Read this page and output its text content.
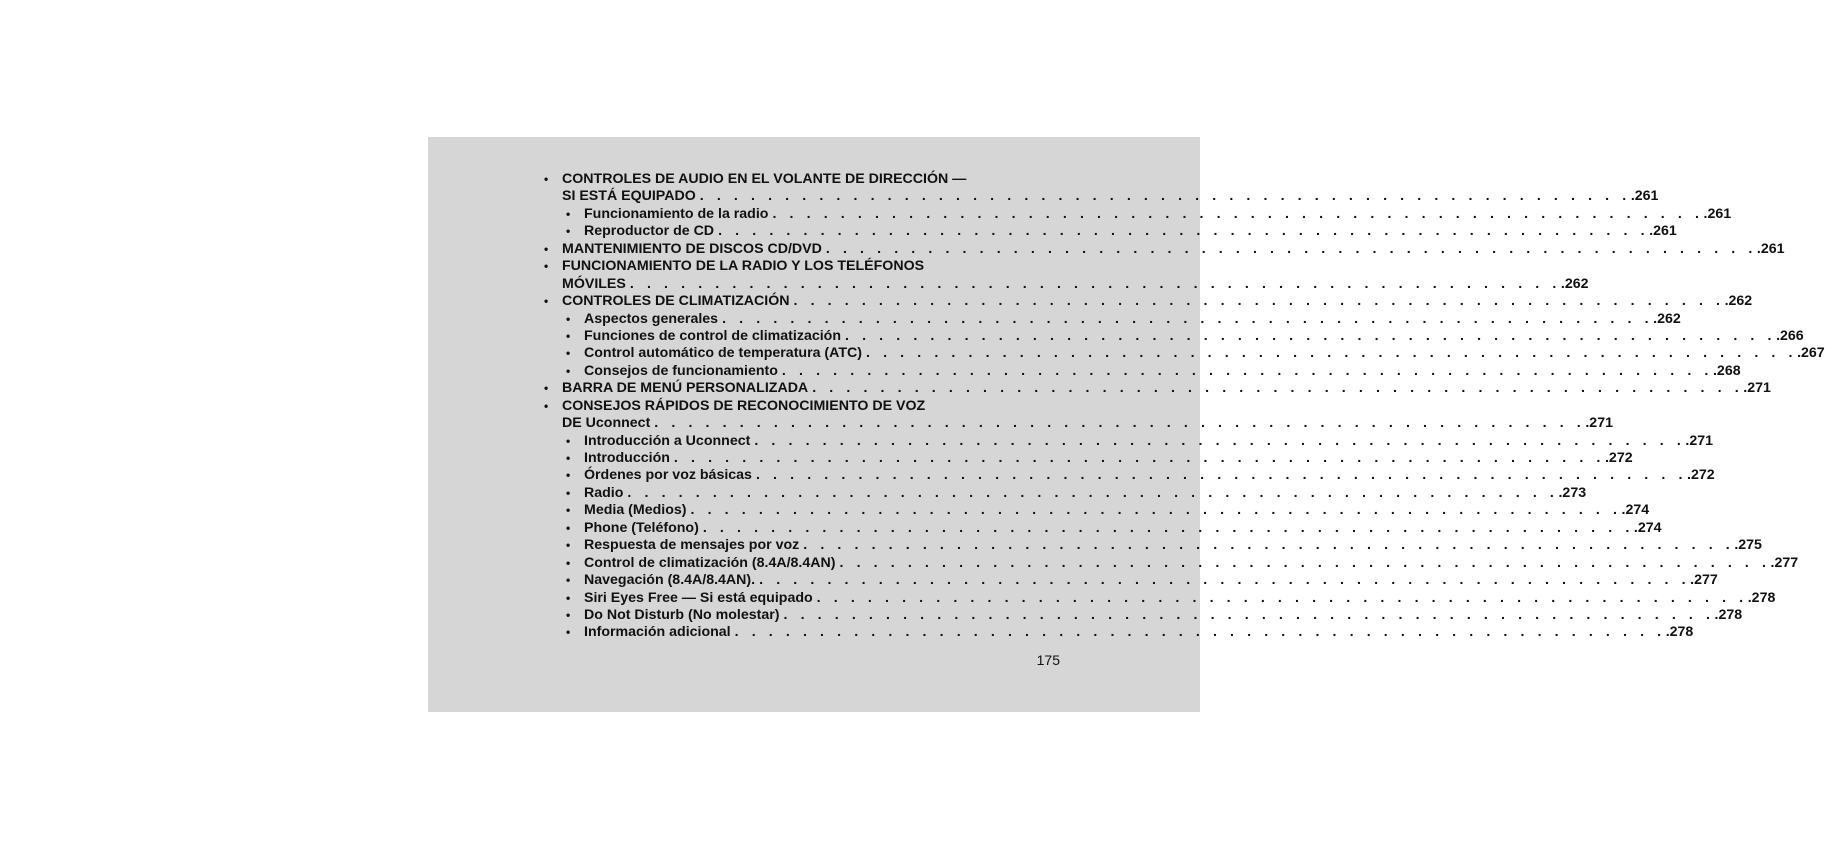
• CONTROLES DE AUDIO EN EL VOLANTE DE DIRECCIÓN —
SI ESTÁ EQUIPADO . . . . . . . . . . . . . . . . . . . . . . . . . . . . . . . . . . . . . . . . . . . . . . . . . . . . . . . .261
• Funcionamiento de la radio . . . . . . . . . . . . . . . . . . . . . . . . . . . . . . . . . . . . . . . . . . . . . . . . . . . . . . . .261
• Reproductor de CD . . . . . . . . . . . . . . . . . . . . . . . . . . . . . . . . . . . . . . . . . . . . . . . . . . . . . . . .261
• MANTENIMIENTO DE DISCOS CD/DVD . . . . . . . . . . . . . . . . . . . . . . . . . . . . . . . . . . . . . . . . . . . . . . . . . . . . . . . .261
• FUNCIONAMIENTO DE LA RADIO Y LOS TELÉFONOS
MÓVILES . . . . . . . . . . . . . . . . . . . . . . . . . . . . . . . . . . . . . . . . . . . . . . . . . . . . . . . .262
• CONTROLES DE CLIMATIZACIÓN . . . . . . . . . . . . . . . . . . . . . . . . . . . . . . . . . . . . . . . . . . . . . . . . . . . . . . . .262
• Aspectos generales . . . . . . . . . . . . . . . . . . . . . . . . . . . . . . . . . . . . . . . . . . . . . . . . . . . . . . . .262
• Funciones de control de climatización . . . . . . . . . . . . . . . . . . . . . . . . . . . . . . . . . . . . . . . . . . . . . . . . . . . . . . . .266
• Control automático de temperatura (ATC) . . . . . . . . . . . . . . . . . . . . . . . . . . . . . . . . . . . . . . . . . . . . . . . . . . . . . . . .267
• Consejos de funcionamiento . . . . . . . . . . . . . . . . . . . . . . . . . . . . . . . . . . . . . . . . . . . . . . . . . . . . . . . .268
• BARRA DE MENÚ PERSONALIZADA . . . . . . . . . . . . . . . . . . . . . . . . . . . . . . . . . . . . . . . . . . . . . . . . . . . . . . . .271
• CONSEJOS RÁPIDOS DE RECONOCIMIENTO DE VOZ
DE Uconnect . . . . . . . . . . . . . . . . . . . . . . . . . . . . . . . . . . . . . . . . . . . . . . . . . . . . . . . .271
• Introducción a Uconnect . . . . . . . . . . . . . . . . . . . . . . . . . . . . . . . . . . . . . . . . . . . . . . . . . . . . . . . .271
• Introducción . . . . . . . . . . . . . . . . . . . . . . . . . . . . . . . . . . . . . . . . . . . . . . . . . . . . . . . .272
• Órdenes por voz básicas . . . . . . . . . . . . . . . . . . . . . . . . . . . . . . . . . . . . . . . . . . . . . . . . . . . . . . . .272
• Radio . . . . . . . . . . . . . . . . . . . . . . . . . . . . . . . . . . . . . . . . . . . . . . . . . . . . . . . .273
• Media (Medios) . . . . . . . . . . . . . . . . . . . . . . . . . . . . . . . . . . . . . . . . . . . . . . . . . . . . . . . .274
• Phone (Teléfono) . . . . . . . . . . . . . . . . . . . . . . . . . . . . . . . . . . . . . . . . . . . . . . . . . . . . . . . .274
• Respuesta de mensajes por voz . . . . . . . . . . . . . . . . . . . . . . . . . . . . . . . . . . . . . . . . . . . . . . . . . . . . . . . .275
• Control de climatización (8.4A/8.4AN) . . . . . . . . . . . . . . . . . . . . . . . . . . . . . . . . . . . . . . . . . . . . . . . . . . . . . . . .277
• Navegación (8.4A/8.4AN). . . . . . . . . . . . . . . . . . . . . . . . . . . . . . . . . . . . . . . . . . . . . . . . . . . . . . . . .277
• Siri Eyes Free — Si está equipado . . . . . . . . . . . . . . . . . . . . . . . . . . . . . . . . . . . . . . . . . . . . . . . . . . . . . . . .278
• Do Not Disturb (No molestar) . . . . . . . . . . . . . . . . . . . . . . . . . . . . . . . . . . . . . . . . . . . . . . . . . . . . . . . .278
• Información adicional . . . . . . . . . . . . . . . . . . . . . . . . . . . . . . . . . . . . . . . . . . . . . . . . . . . . . . . .278
175
